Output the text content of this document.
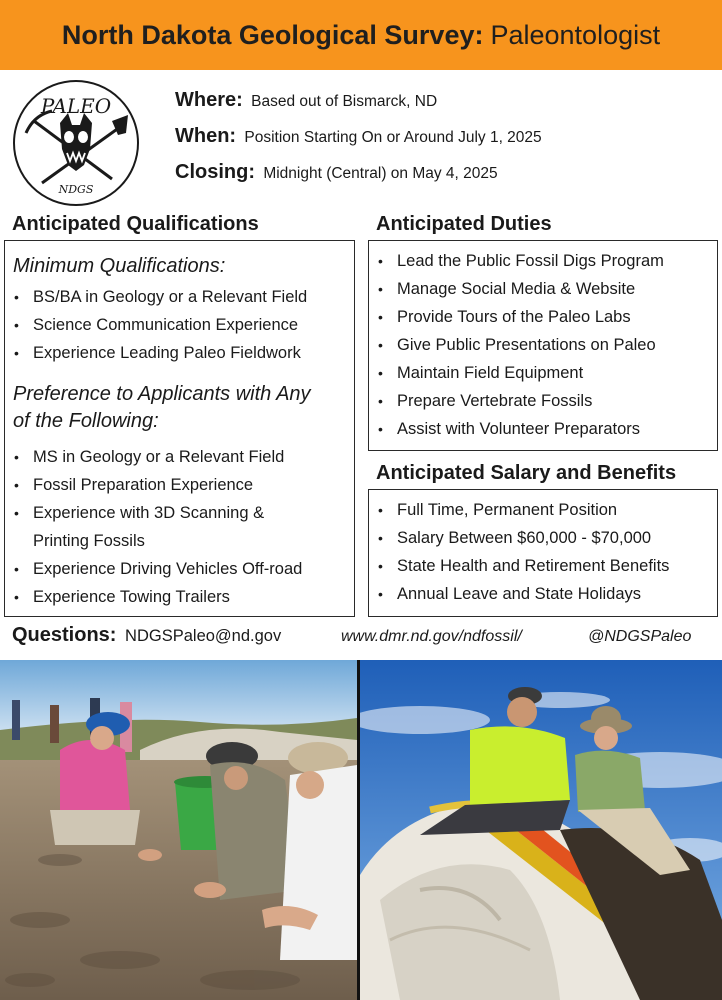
North Dakota Geological Survey: Paleontologist
PALEO
NDGS
Where: Based out of Bismarck, ND
When: Position Starting On or Around July 1, 2025
Closing: Midnight (Central) on May 4, 2025
Anticipated Qualifications
Minimum Qualifications:
• BS/BA in Geology or a Relevant Field
• Science Communication Experience
• Experience Leading Paleo Fieldwork
Preference to Applicants with Any
of the Following:
• MS in Geology or a Relevant Field
• Fossil Preparation Experience
• Experience with 3D Scanning &
Printing Fossils
• Experience Driving Vehicles Off-road
• Experience Towing Trailers
Anticipated Duties
• Lead the Public Fossil Digs Program
• Manage Social Media & Website
• Provide Tours of the Paleo Labs
• Give Public Presentations on Paleo
• Maintain Field Equipment
• Prepare Vertebrate Fossils
• Assist with Volunteer Preparators
Anticipated Salary and Benefits
• Full Time, Permanent Position
• Salary Between $60,000 - $70,000
• State Health and Retirement Benefits
• Annual Leave and State Holidays
Questions: NDGSPaleo@nd.gov	www.dmr.nd.gov/ndfossil/	@NDGSPaleo
